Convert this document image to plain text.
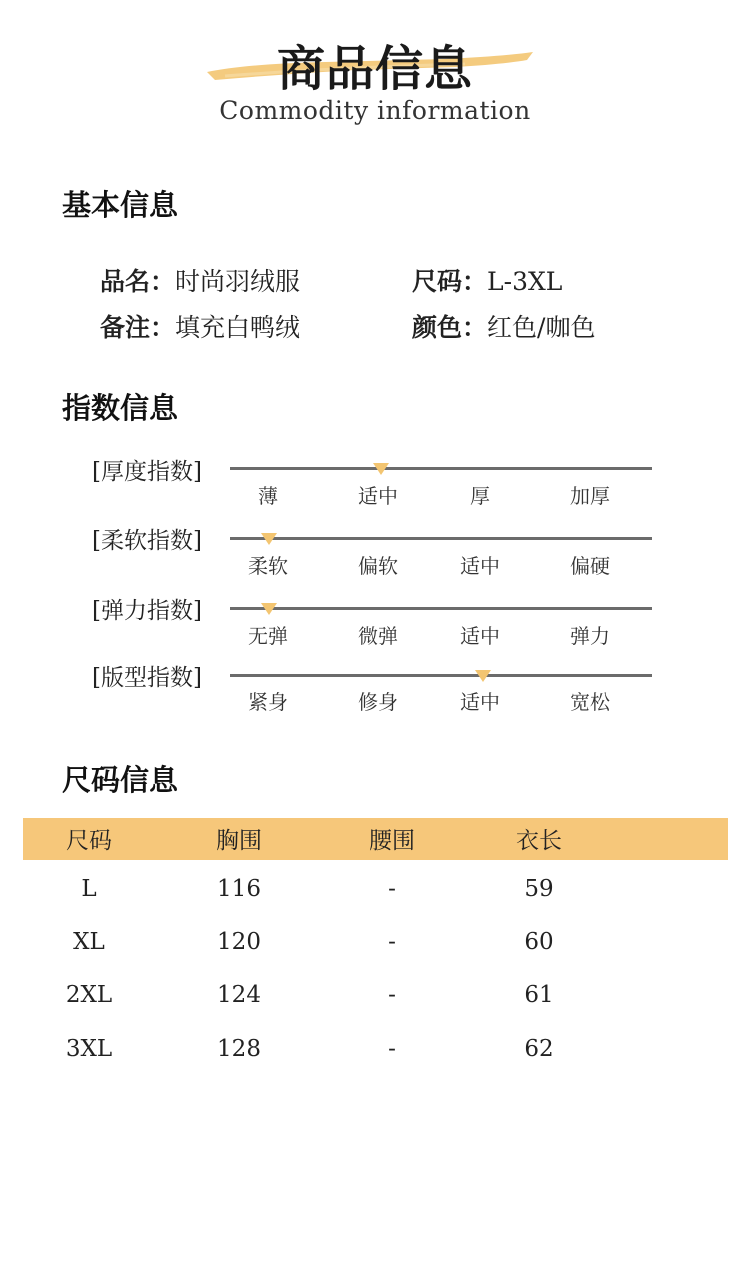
商品信息
Commodity information
基本信息
品名：时尚羽绒服	尺码：L-3XL
备注：填充白鸭绒	颜色：红色/咖色
指数信息
[厚度指数]
薄	适中	厚	加厚
[柔软指数]
柔软	偏软	适中	偏硬
[弹力指数]
无弹	微弹	适中	弹力
[版型指数]
紧身	修身	适中	宽松
尺码信息
尺码	胸围	腰围	衣长
L	116	-	59
XL	120	-	60
2XL	124	-	61
3XL	128	-	62
